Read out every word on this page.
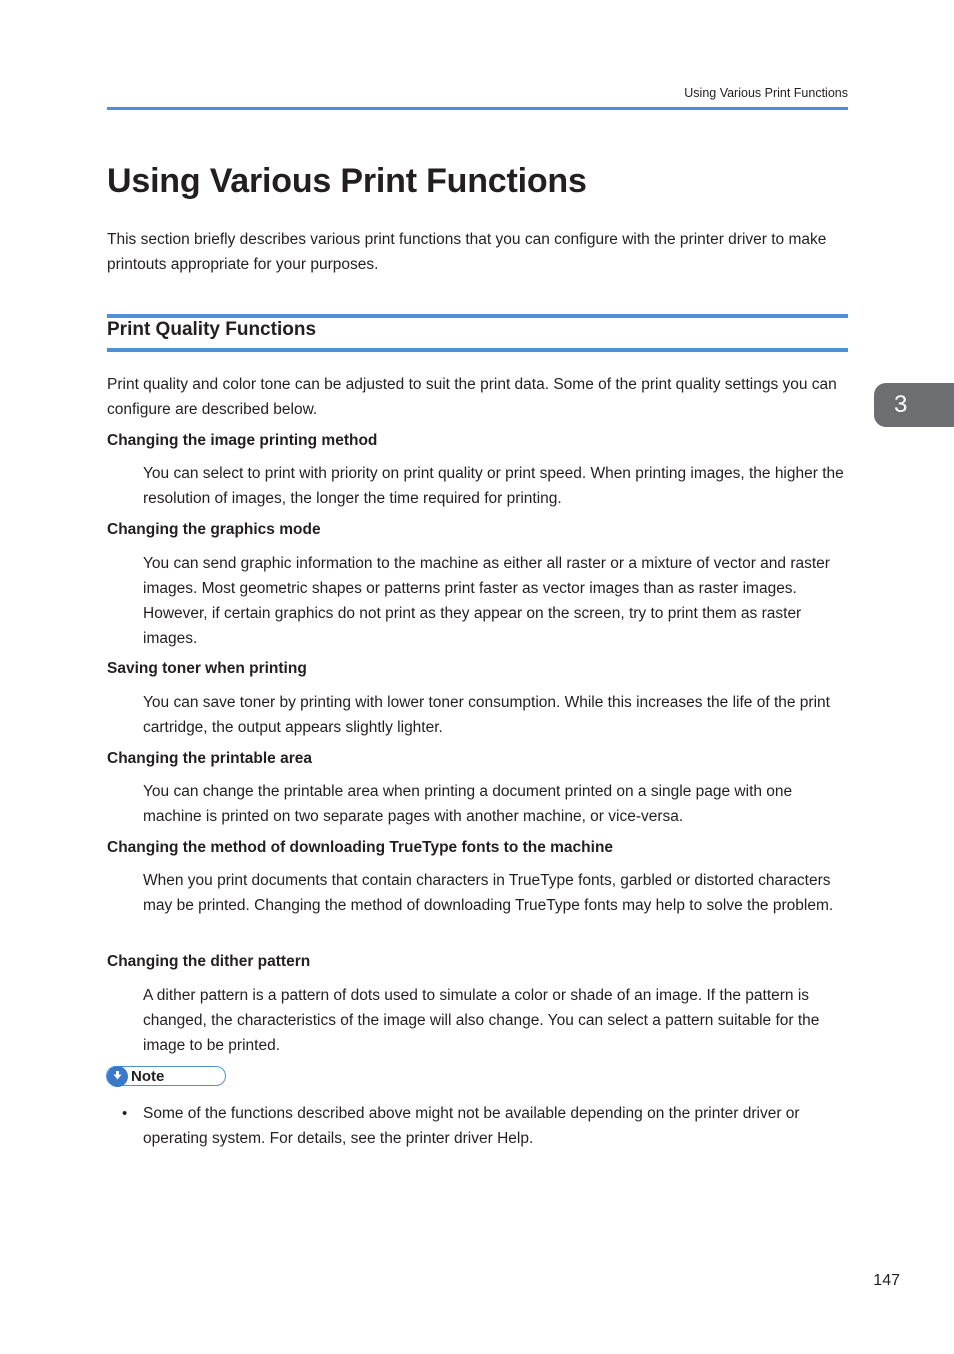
Using Various Print Functions
Using Various Print Functions

This section briefly describes various print functions that you can configure with the printer driver to make printouts appropriate for your purposes.

Print Quality Functions
3

Print quality and color tone can be adjusted to suit the print data. Some of the print quality settings you can configure are described below.

Changing the image printing method

You can select to print with priority on print quality or print speed. When printing images, the higher the resolution of images, the longer the time required for printing.

Changing the graphics mode

You can send graphic information to the machine as either all raster or a mixture of vector and raster images. Most geometric shapes or patterns print faster as vector images than as raster images. However, if certain graphics do not print as they appear on the screen, try to print them as raster images.

Saving toner when printing

You can save toner by printing with lower toner consumption. While this increases the life of the print cartridge, the output appears slightly lighter.

Changing the printable area

You can change the printable area when printing a document printed on a single page with one machine is printed on two separate pages with another machine, or vice-versa.

Changing the method of downloading TrueType fonts to the machine

When you print documents that contain characters in TrueType fonts, garbled or distorted characters may be printed. Changing the method of downloading TrueType fonts may help to solve the problem.

Changing the dither pattern

A dither pattern is a pattern of dots used to simulate a color or shade of an image. If the pattern is changed, the characteristics of the image will also change. You can select a pattern suitable for the image to be printed.

Note
• Some of the functions described above might not be available depending on the printer driver or operating system. For details, see the printer driver Help.

147
